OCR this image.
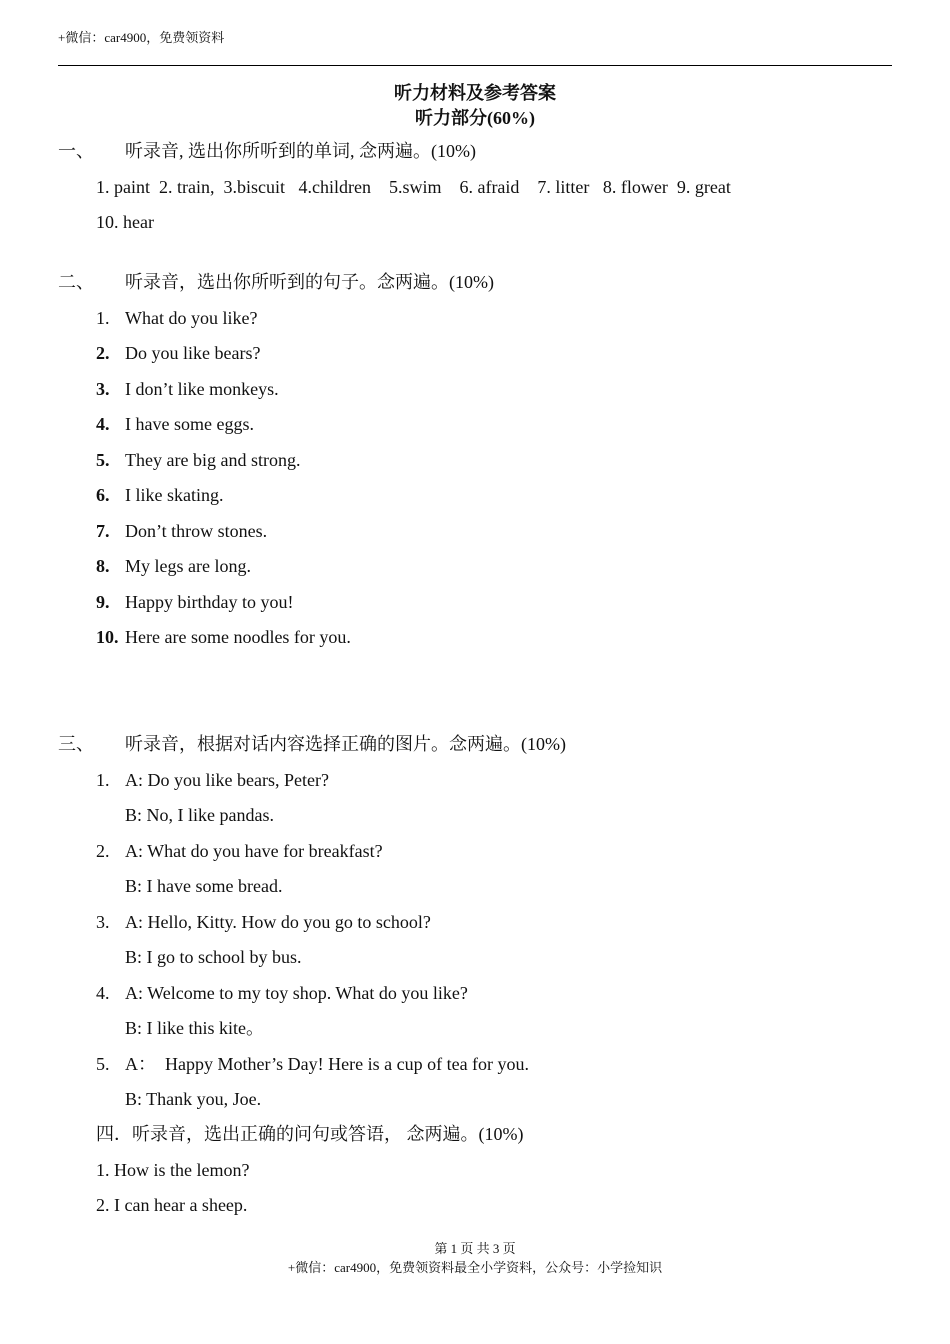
+微信：car4900，免费领资料
听力材料及参考答案
听力部分(60%)
一、 听录音, 选出你所听到的单词, 念两遍。(10%)
1. paint  2. train,  3.biscuit   4.children    5.swim    6. afraid    7. litter   8. flower  9. great
10. hear
二、 听录音，选出你所听到的句子。念两遍。(10%)
1. What do you like?
2. Do you like bears?
3. I don’t like monkeys.
4. I have some eggs.
5. They are big and strong.
6. I like skating.
7. Don’t throw stones.
8. My legs are long.
9. Happy birthday to you!
10. Here are some noodles for you.
三、 听录音，根据对话内容选择正确的图片。念两遍。(10%)
1. A: Do you like bears, Peter?
B: No, I like pandas.
2. A: What do you have for breakfast?
B: I have some bread.
3. A: Hello, Kitty. How do you go to school?
B: I go to school by bus.
4. A: Welcome to my toy shop. What do you like?
B: I like this kite。
5. A：  Happy Mother’s Day! Here is a cup of tea for you.
B: Thank you, Joe.
四．听录音，选出正确的问句或答语， 念两遍。(10%)
1. How is the lemon?
2. I can hear a sheep.
第 1 页 共 3 页
+微信：car4900，免费领资料最全小学资料，公众号：小学捡知识
